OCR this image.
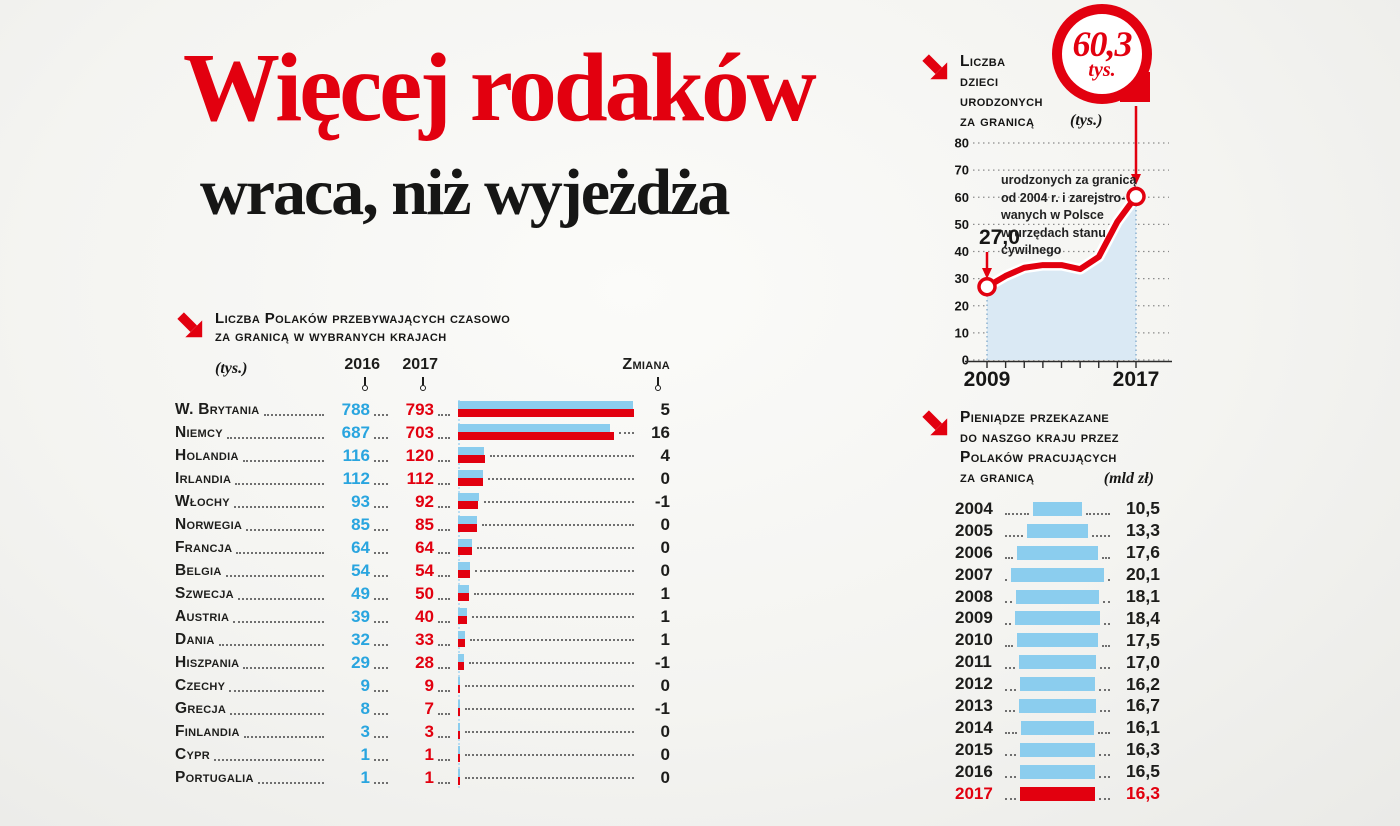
Więcej rodaków
wraca, niż wyjeżdża
Liczba Polaków przebywających czasowo
za granicą w wybranych krajach
(tys.)	2016	2017	Zmiana
W. Brytania	788	793	5
Niemcy	687	703	16
Holandia	116	120	4
Irlandia	112	112	0
Włochy	93	92	-1
Norwegia	85	85	0
Francja	64	64	0
Belgia	54	54	0
Szwecja	49	50	1
Austria	39	40	1
Dania	32	33	1
Hiszpania	29	28	-1
Czechy	9	9	0
Grecja	8	7	-1
Finlandia	3	3	0
Cypr	1	1	0
Portugalia	1	1	0
Liczba
dzieci
urodzonych
za granicą
60,3
tys.
(tys.)
80
70
60
50
40
30
20
10
0
2009	2017
27,0
urodzonych za granicą
od 2004 r. i zarejstro-
wanych w Polsce
w urzędach stanu
cywilnego
Pieniądze przekazane
do naszgo kraju przez
Polaków pracujących
za granicą	(mld zł)
2004	10,5
2005	13,3
2006	17,6
2007	20,1
2008	18,1
2009	18,4
2010	17,5
2011	17,0
2012	16,2
2013	16,7
2014	16,1
2015	16,3
2016	16,5
2017	16,3
